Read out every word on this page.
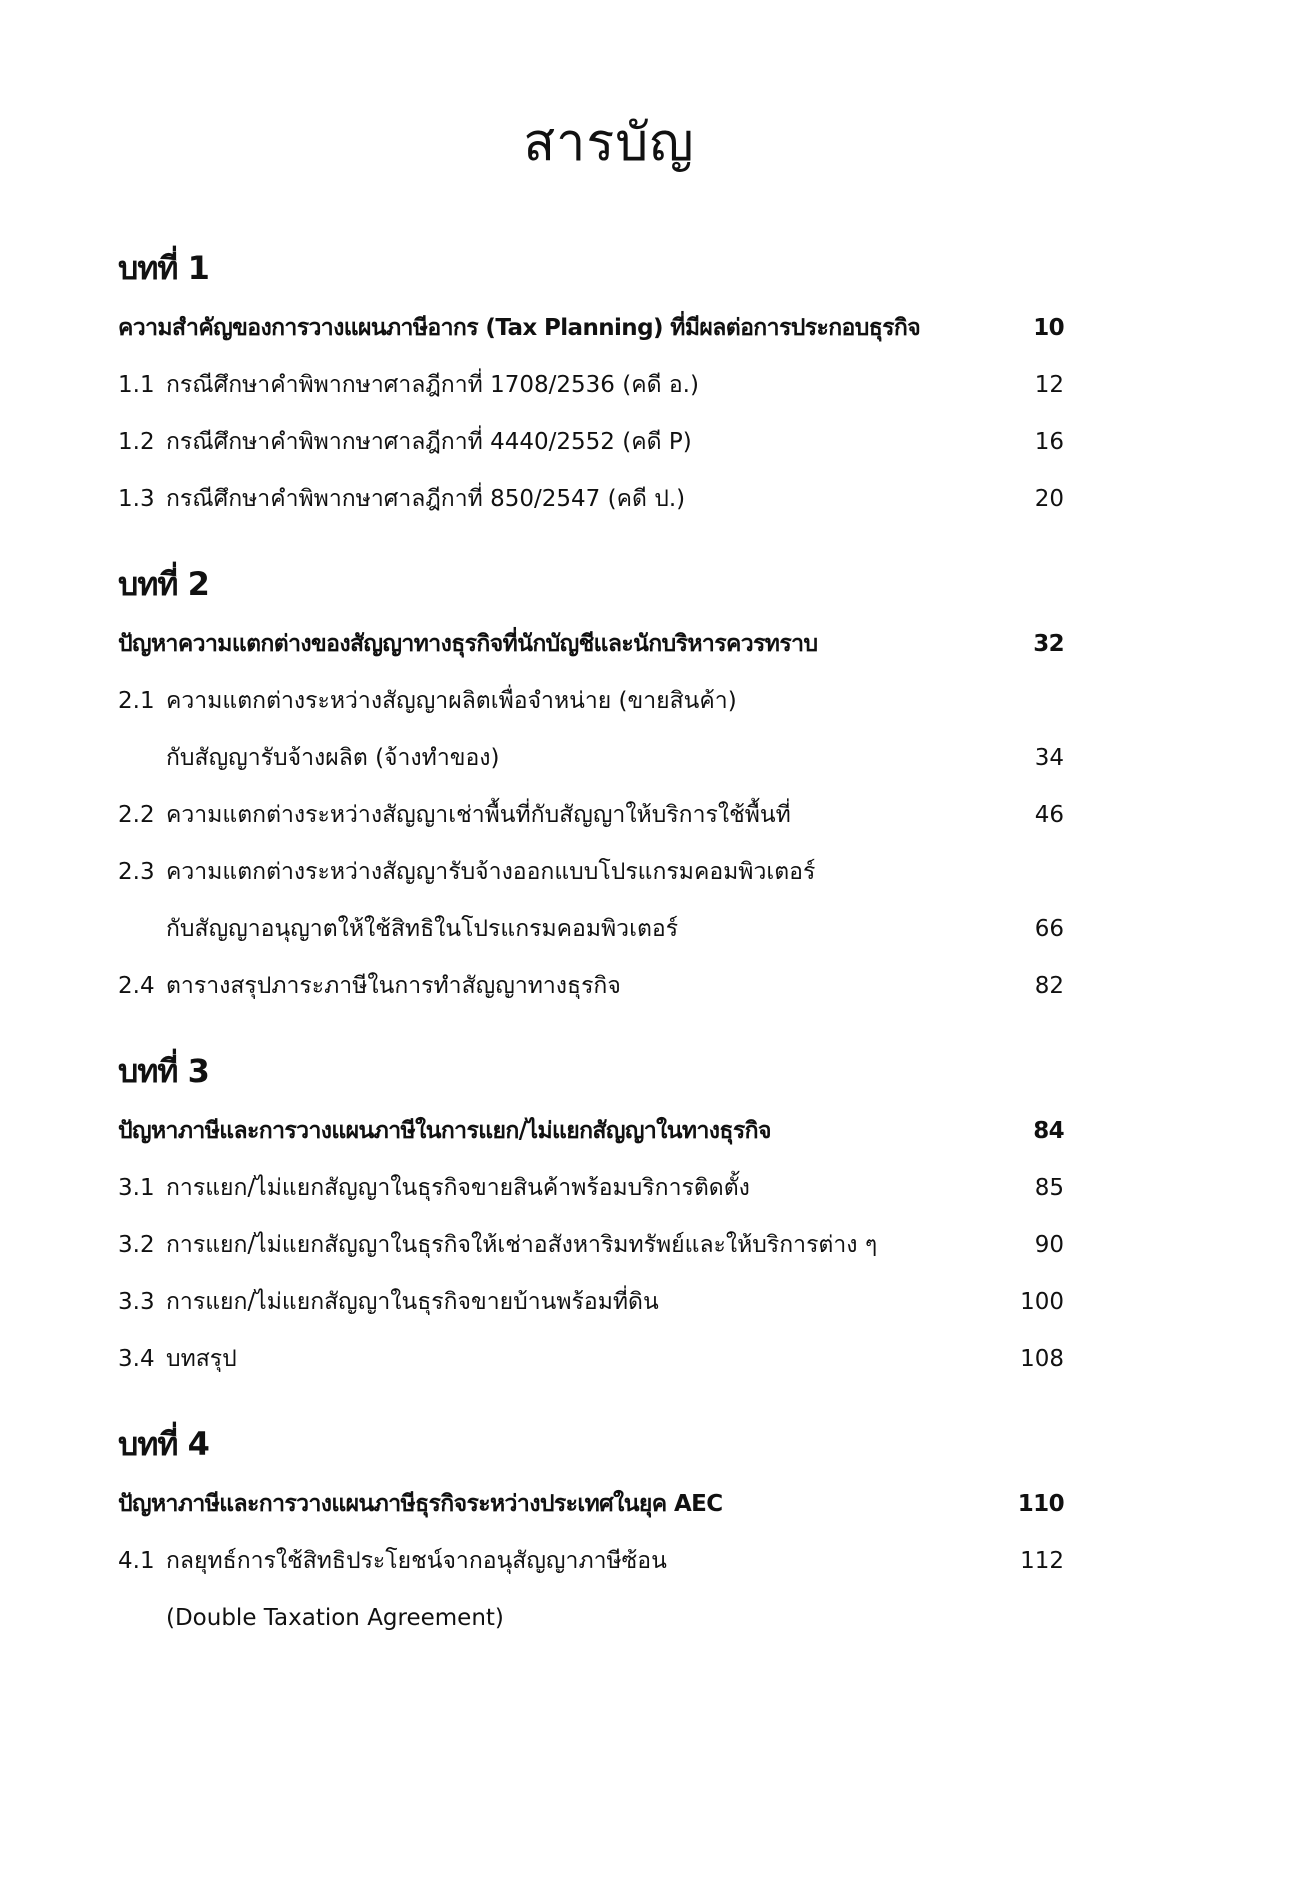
สารบัญ
บทที่ 1
ความสำคัญของการวางแผนภาษีอากร (Tax Planning) ที่มีผลต่อการประกอบธุรกิจ	10
1.1 กรณีศึกษาคำพิพากษาศาลฎีกาที่ 1708/2536 (คดี อ.)	12
1.2 กรณีศึกษาคำพิพากษาศาลฎีกาที่ 4440/2552 (คดี P)	16
1.3 กรณีศึกษาคำพิพากษาศาลฎีกาที่ 850/2547 (คดี ป.)	20
บทที่ 2
ปัญหาความแตกต่างของสัญญาทางธุรกิจที่นักบัญชีและนักบริหารควรทราบ	32
2.1 ความแตกต่างระหว่างสัญญาผลิตเพื่อจำหน่าย (ขายสินค้า)
กับสัญญารับจ้างผลิต (จ้างทำของ)	34
2.2 ความแตกต่างระหว่างสัญญาเช่าพื้นที่กับสัญญาให้บริการใช้พื้นที่	46
2.3 ความแตกต่างระหว่างสัญญารับจ้างออกแบบโปรแกรมคอมพิวเตอร์
กับสัญญาอนุญาตให้ใช้สิทธิในโปรแกรมคอมพิวเตอร์	66
2.4 ตารางสรุปภาระภาษีในการทำสัญญาทางธุรกิจ	82
บทที่ 3
ปัญหาภาษีและการวางแผนภาษีในการแยก/ไม่แยกสัญญาในทางธุรกิจ	84
3.1 การแยก/ไม่แยกสัญญาในธุรกิจขายสินค้าพร้อมบริการติดตั้ง	85
3.2 การแยก/ไม่แยกสัญญาในธุรกิจให้เช่าอสังหาริมทรัพย์และให้บริการต่าง ๆ	90
3.3 การแยก/ไม่แยกสัญญาในธุรกิจขายบ้านพร้อมที่ดิน	100
3.4 บทสรุป	108
บทที่ 4
ปัญหาภาษีและการวางแผนภาษีธุรกิจระหว่างประเทศในยุค AEC	110
4.1 กลยุทธ์การใช้สิทธิประโยชน์จากอนุสัญญาภาษีซ้อน	112
(Double Taxation Agreement)
